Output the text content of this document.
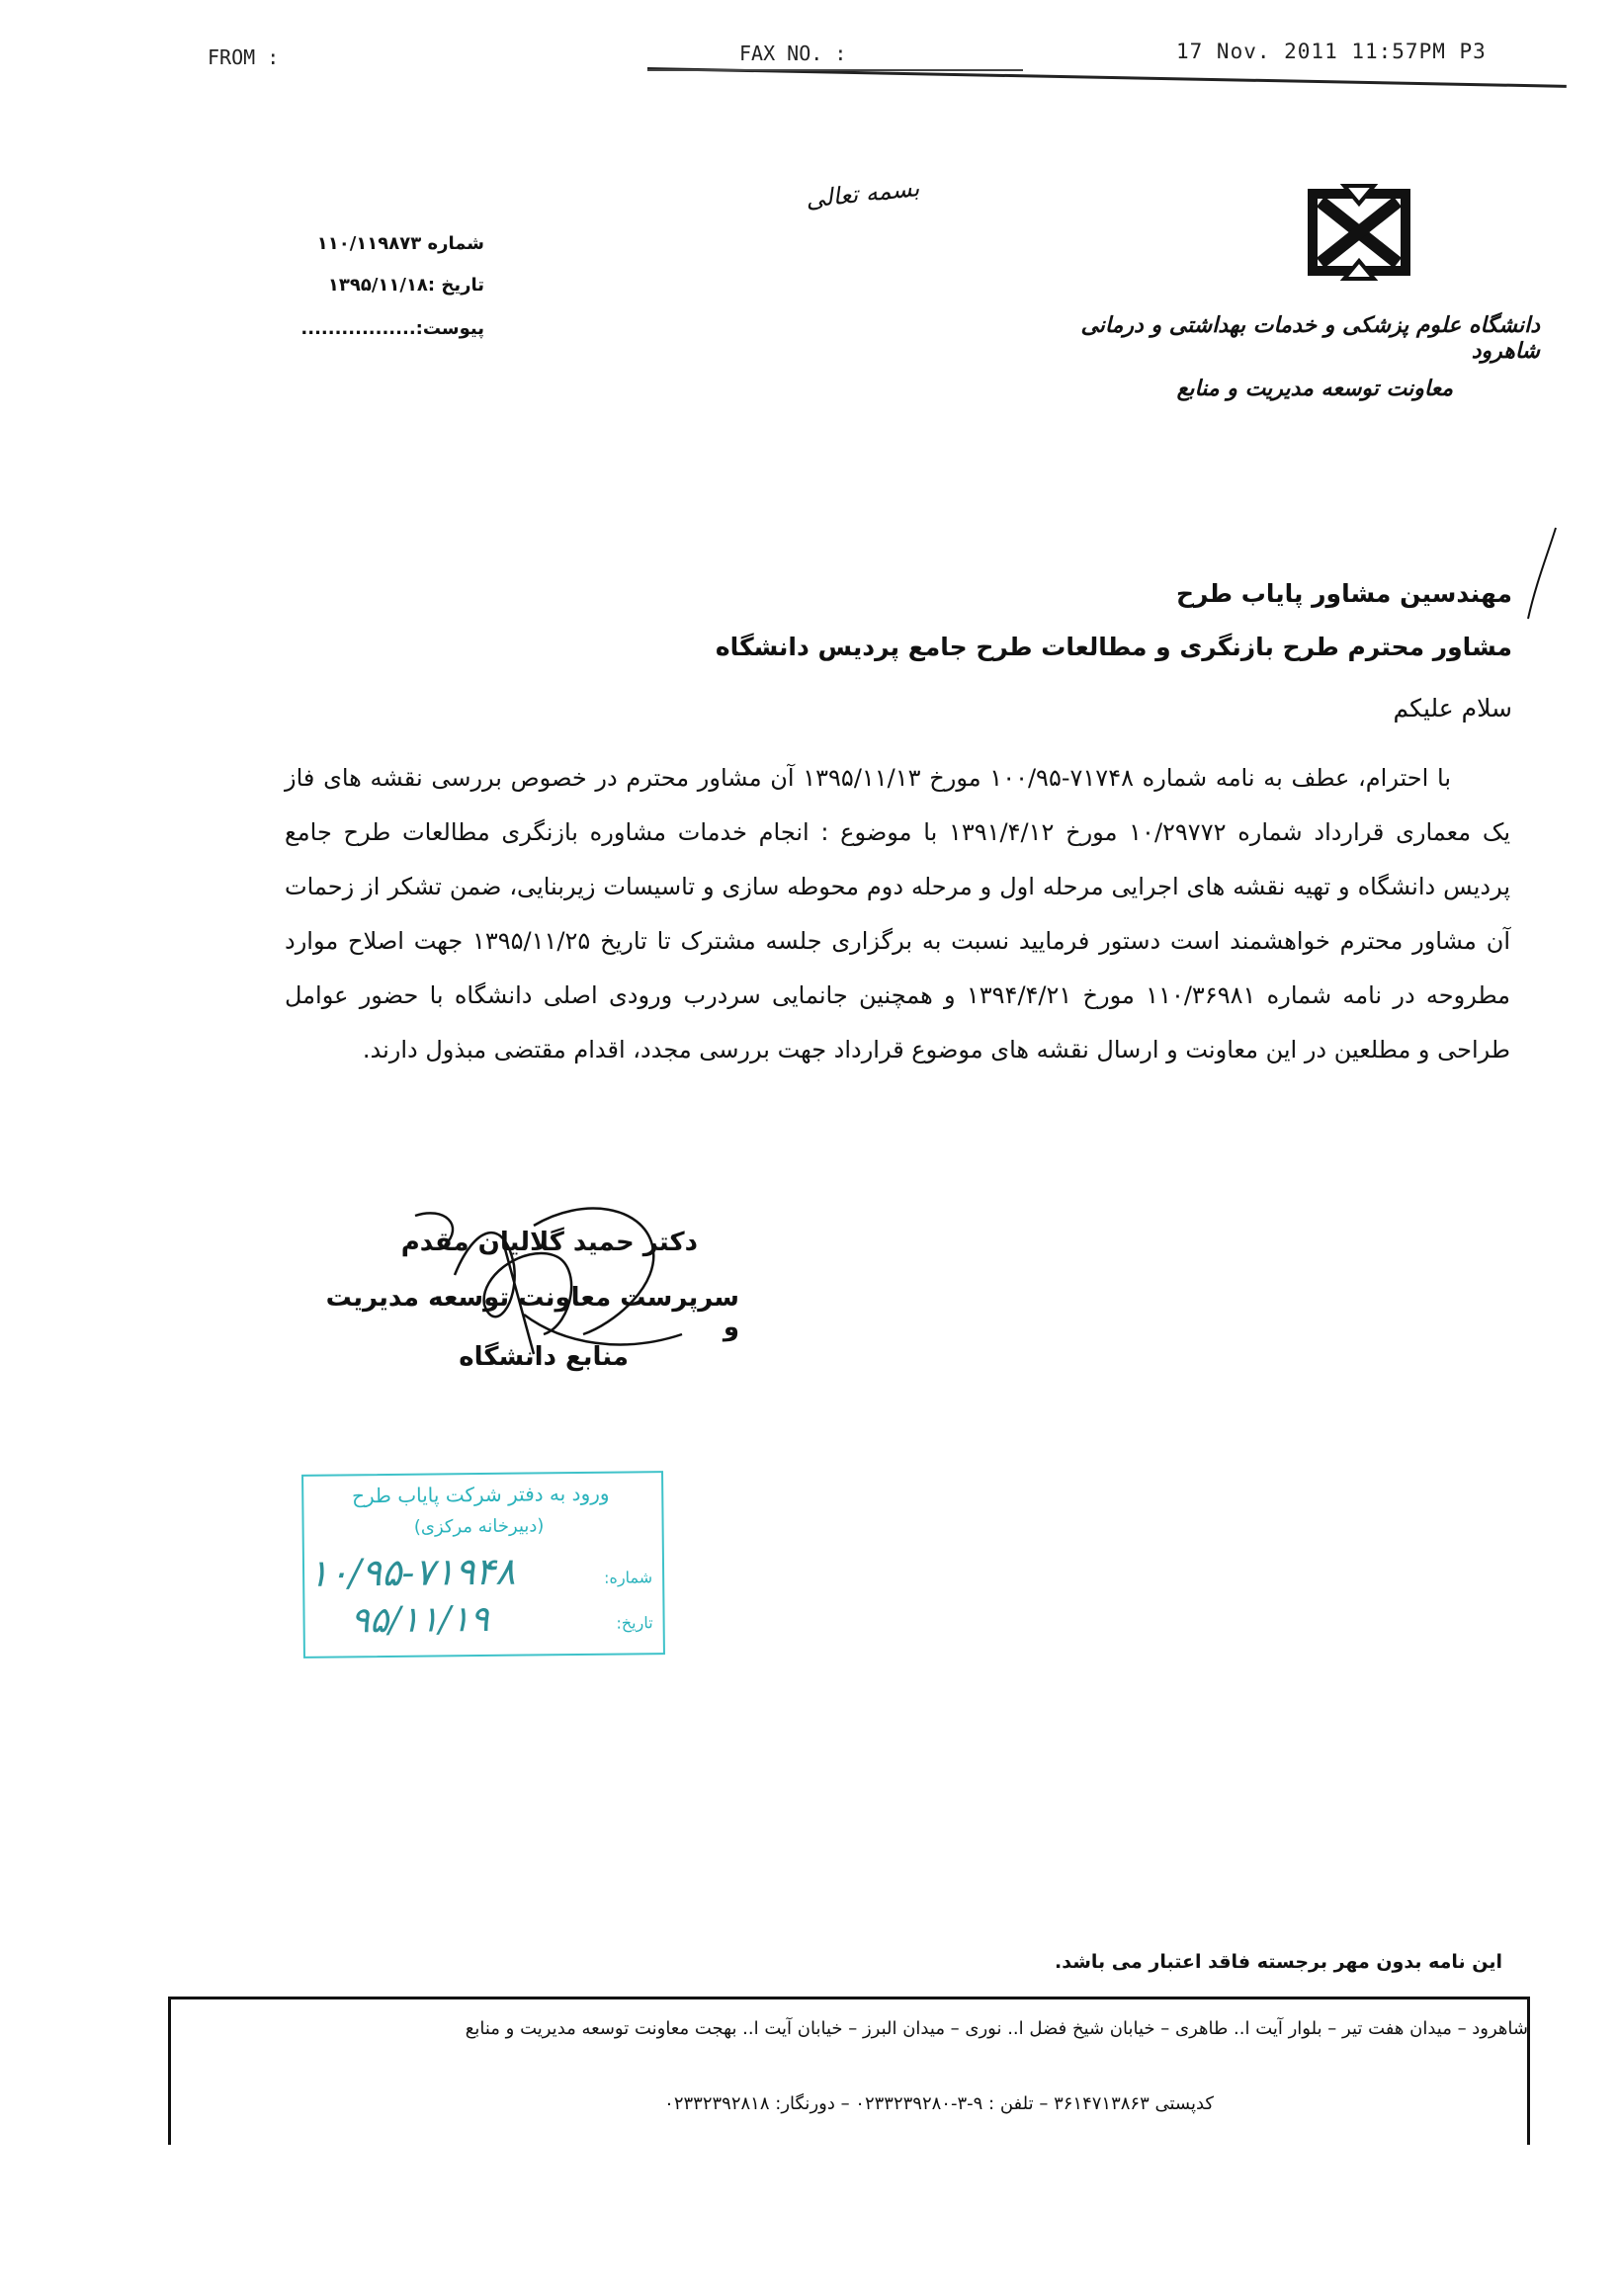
FROM :	FAX NO. :	17 Nov. 2011 11:57PM P3
بسمه تعالی
دانشگاه علوم پزشکی و خدمات بهداشتی و درمانی شاهرود
معاونت توسعه مدیریت و منابع
شماره ۱۱۰/۱۱۹۸۷۳
تاریخ :۱۳۹۵/۱۱/۱۸
پیوست:.................
مهندسین مشاور پایاب طرح
مشاور محترم طرح بازنگری و مطالعات طرح جامع پردیس دانشگاه
سلام علیکم
با احترام، عطف به نامه شماره ۷۱۷۴۸-۱۰۰/۹۵ مورخ ۱۳۹۵/۱۱/۱۳ آن مشاور محترم در خصوص بررسی نقشه های فاز یک معماری قرارداد شماره ۱۰/۲۹۷۷۲ مورخ ۱۳۹۱/۴/۱۲ با موضوع : انجام خدمات مشاوره بازنگری مطالعات طرح جامع پردیس دانشگاه و تهیه نقشه های اجرایی مرحله اول و مرحله دوم محوطه سازی و تاسیسات زیربنایی، ضمن تشکر از زحمات آن مشاور محترم خواهشمند است دستور فرمایید نسبت به برگزاری جلسه مشترک تا تاریخ ۱۳۹۵/۱۱/۲۵ جهت اصلاح موارد مطروحه در نامه شماره ۱۱۰/۳۶۹۸۱ مورخ ۱۳۹۴/۴/۲۱ و همچنین جانمایی سردرب ورودی اصلی دانشگاه با حضور عوامل طراحی و مطلعین در این معاونت و ارسال نقشه های موضوع قرارداد جهت بررسی مجدد، اقدام مقتضی مبذول دارند.
دکتر حمید گلالیان مقدم
سرپرست معاونت توسعه مدیریت و
منابع دانشگاه
ورود به دفتر شرکت پایاب طرح
(دبیرخانه مرکزی)
شماره:
تاریخ:
۱۰/۹۵-۷۱۹۴۸
۹۵/۱۱/۱۹
این نامه بدون مهر برجسته فاقد اعتبار می باشد.
شاهرود – میدان هفت تیر – بلوار آیت ا.. طاهری – خیابان شیخ فضل ا.. نوری – میدان البرز – خیابان آیت ا.. بهجت معاونت توسعه مدیریت و منابع
کدپستی ۳۶۱۴۷۱۳۸۶۳ – تلفن : ۹-۳-۰۲۳۳۲۳۹۲۸۰ – دورنگار: ۰۲۳۳۲۳۹۲۸۱۸
